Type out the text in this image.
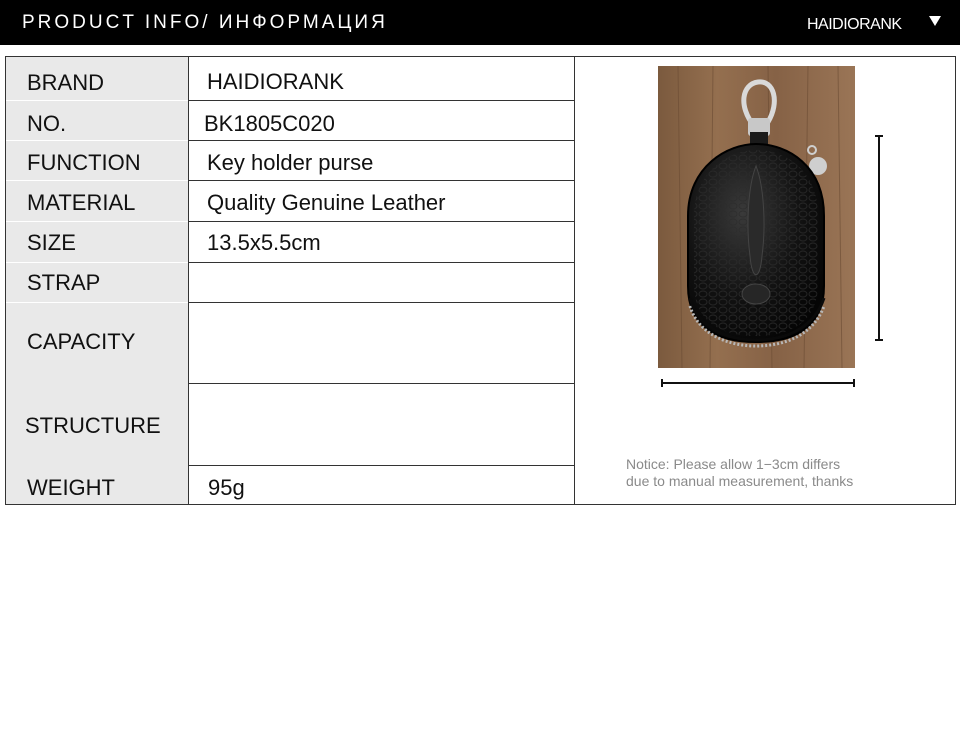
PRODUCT INFO/ ИНФОРМАЦИЯ	HAIDIORANK
BRAND
NO.
FUNCTION
MATERIAL
SIZE
STRAP
CAPACITY
STRUCTURE
WEIGHT
HAIDIORANK
BK1805C020
Key holder purse
Quality Genuine Leather
13.5x5.5cm
95g
Notice: Please allow 1−3cm differs
due to manual measurement, thanks
